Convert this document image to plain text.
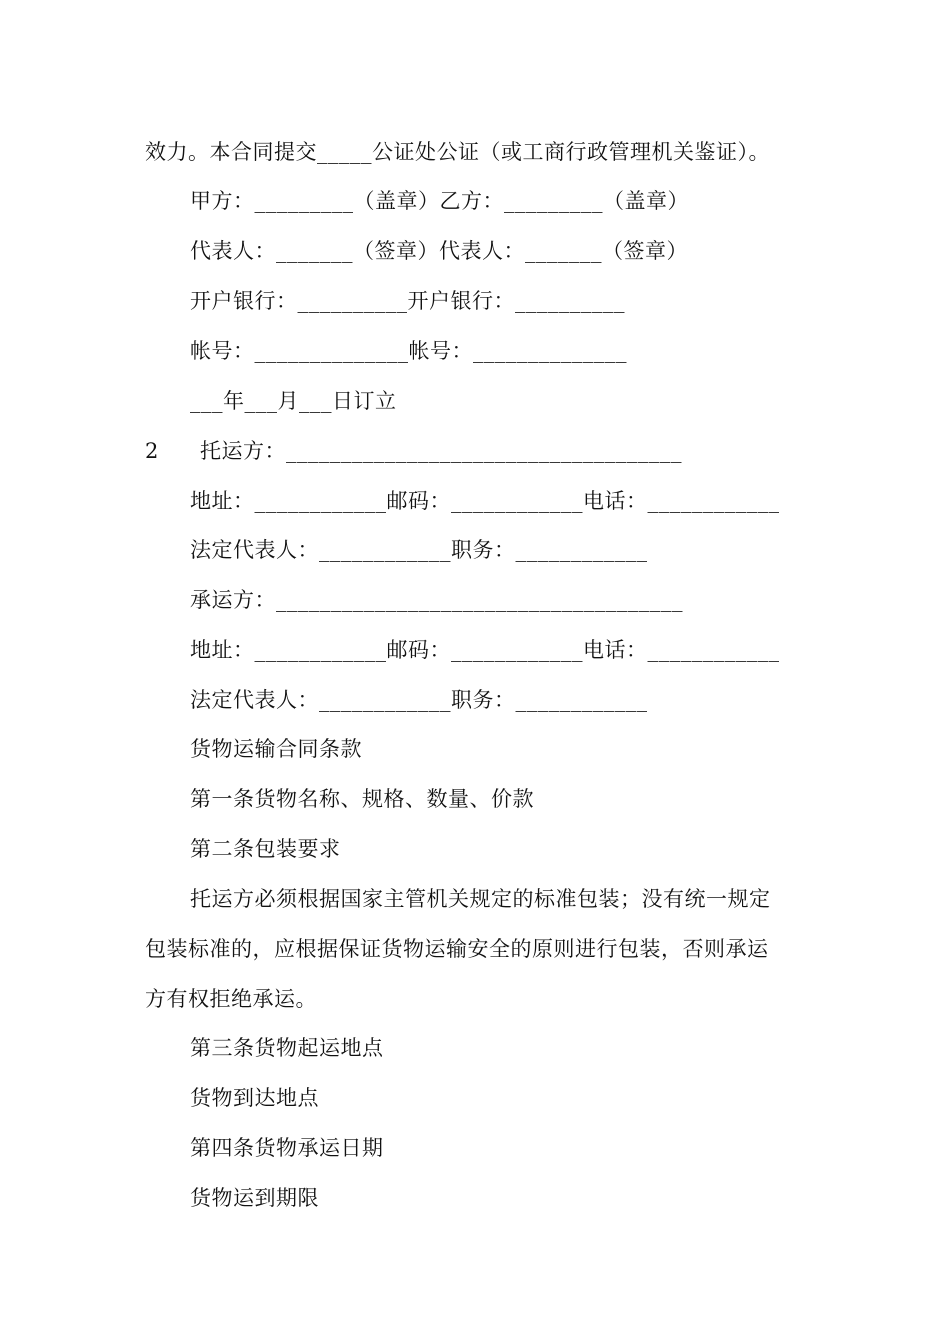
效力。本合同提交_____公证处公证（或工商行政管理机关鉴证）。
甲方：_________（盖章）乙方：_________（盖章）
代表人：_______（签章）代表人：_______（签章）
开户银行：__________开户银行：__________
帐号：______________帐号：______________
___年___月___日订立
2 托运方：____________________________________
地址：____________邮码：____________电话：____________
法定代表人：____________职务：____________
承运方：_____________________________________
地址：____________邮码：____________电话：____________
法定代表人：____________职务：____________
货物运输合同条款
第一条货物名称、规格、数量、价款
第二条包装要求
托运方必须根据国家主管机关规定的标准包装；没有统一规定
包装标准的，应根据保证货物运输安全的原则进行包装，否则承运
方有权拒绝承运。
第三条货物起运地点
货物到达地点
第四条货物承运日期
货物运到期限
